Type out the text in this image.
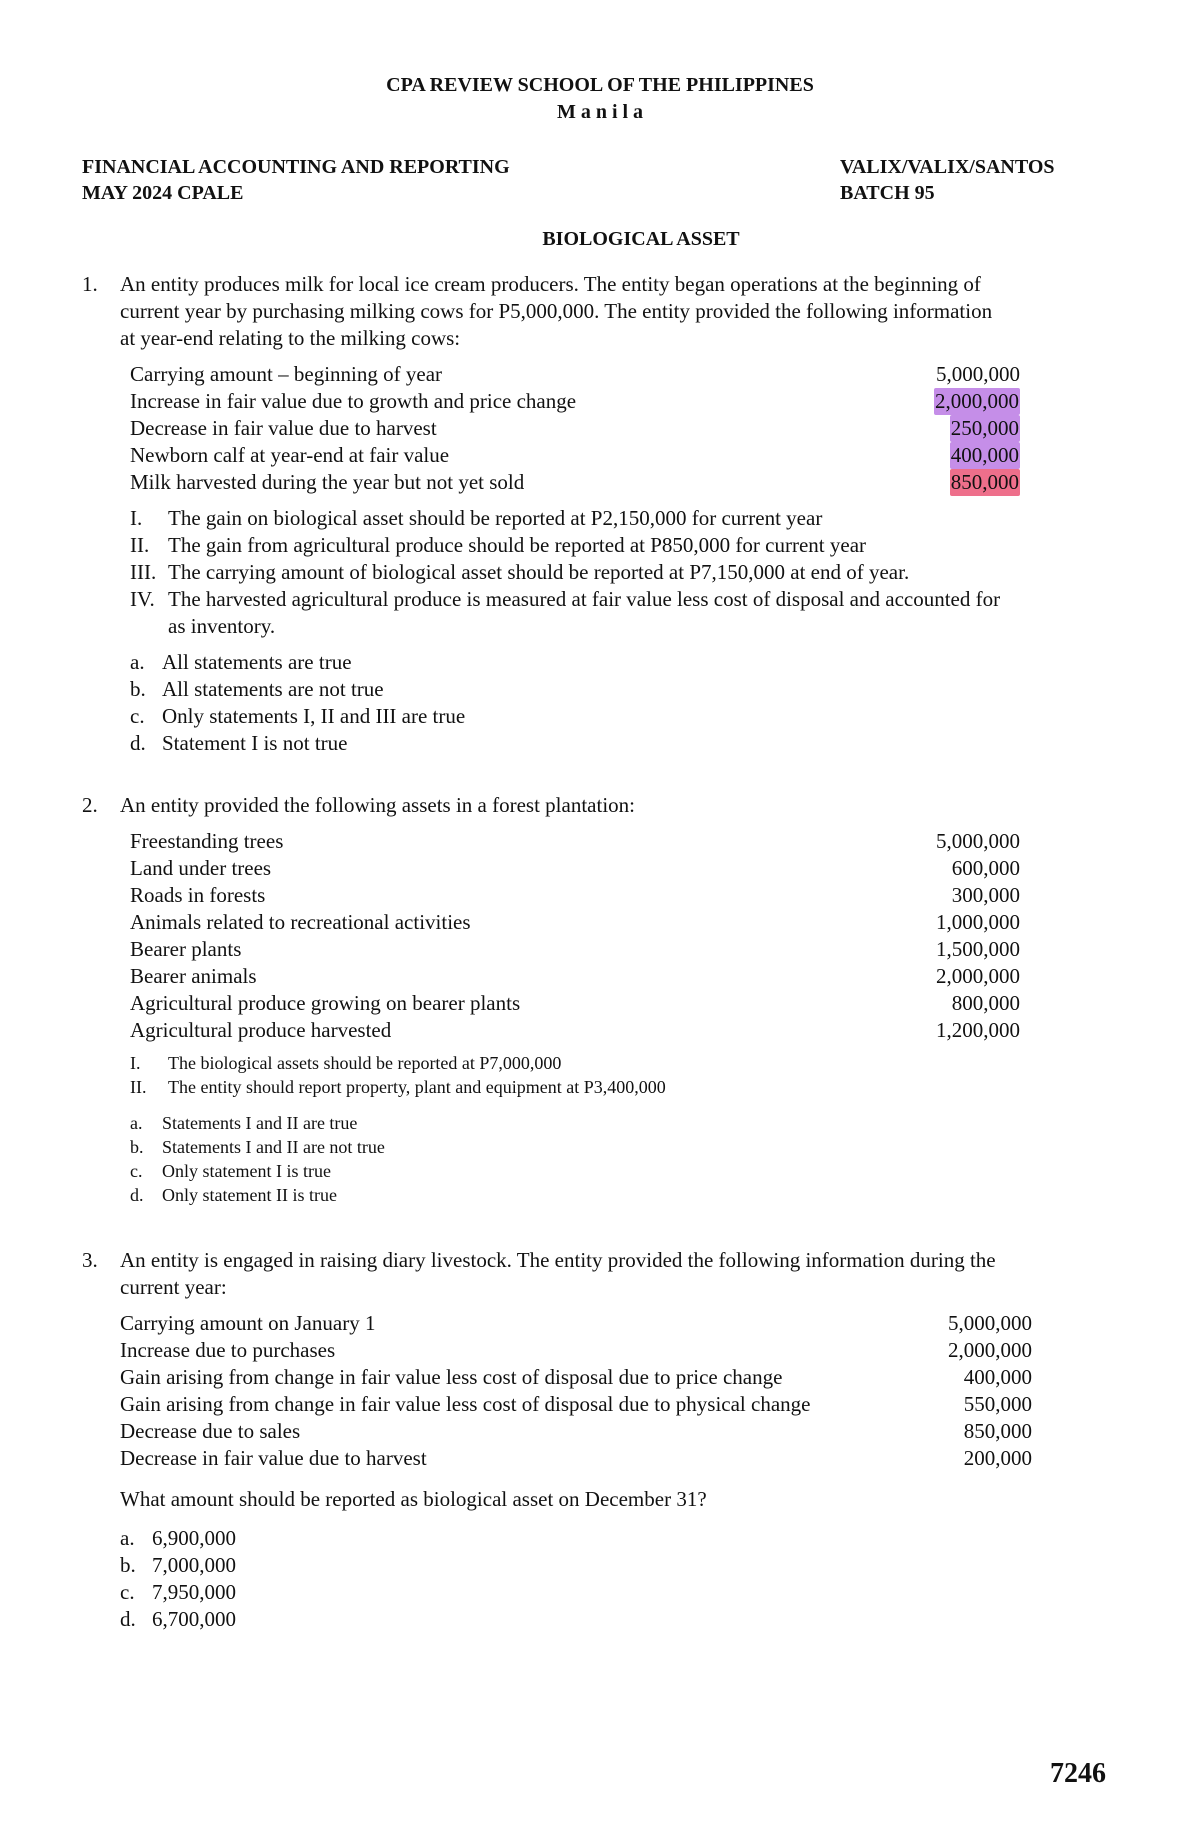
CPA REVIEW SCHOOL OF THE PHILIPPINES
M a n i l a
FINANCIAL ACCOUNTING AND REPORTING	VALIX/VALIX/SANTOS
MAY 2024 CPALE	BATCH 95
BIOLOGICAL ASSET
1. An entity produces milk for local ice cream producers. The entity began operations at the beginning of
current year by purchasing milking cows for P5,000,000. The entity provided the following information
at year-end relating to the milking cows:
Carrying amount – beginning of year	5,000,000
Increase in fair value due to growth and price change	2,000,000
Decrease in fair value due to harvest	250,000
Newborn calf at year-end at fair value	400,000
Milk harvested during the year but not yet sold	850,000
I.	The gain on biological asset should be reported at P2,150,000 for current year
II. The gain from agricultural produce should be reported at P850,000 for current year
III. The carrying amount of biological asset should be reported at P7,150,000 at end of year.
IV. The harvested agricultural produce is measured at fair value less cost of disposal and accounted for
as inventory.
a. All statements are true
b. All statements are not true
c. Only statements I, II and III are true
d. Statement I is not true
2. An entity provided the following assets in a forest plantation:
Freestanding trees	5,000,000
Land under trees	600,000
Roads in forests	300,000
Animals related to recreational activities	1,000,000
Bearer plants	1,500,000
Bearer animals	2,000,000
Agricultural produce growing on bearer plants	800,000
Agricultural produce harvested	1,200,000
I.	The biological assets should be reported at P7,000,000
II.	The entity should report property, plant and equipment at P3,400,000
a.	Statements I and II are true
b.	Statements I and II are not true
c.	Only statement I is true
d.	Only statement II is true
3. An entity is engaged in raising diary livestock. The entity provided the following information during the
current year:
Carrying amount on January 1	5,000,000
Increase due to purchases	2,000,000
Gain arising from change in fair value less cost of disposal due to price change	400,000
Gain arising from change in fair value less cost of disposal due to physical change	550,000
Decrease due to sales	850,000
Decrease in fair value due to harvest	200,000
What amount should be reported as biological asset on December 31?
a. 6,900,000
b. 7,000,000
c. 7,950,000
d. 6,700,000
7246
